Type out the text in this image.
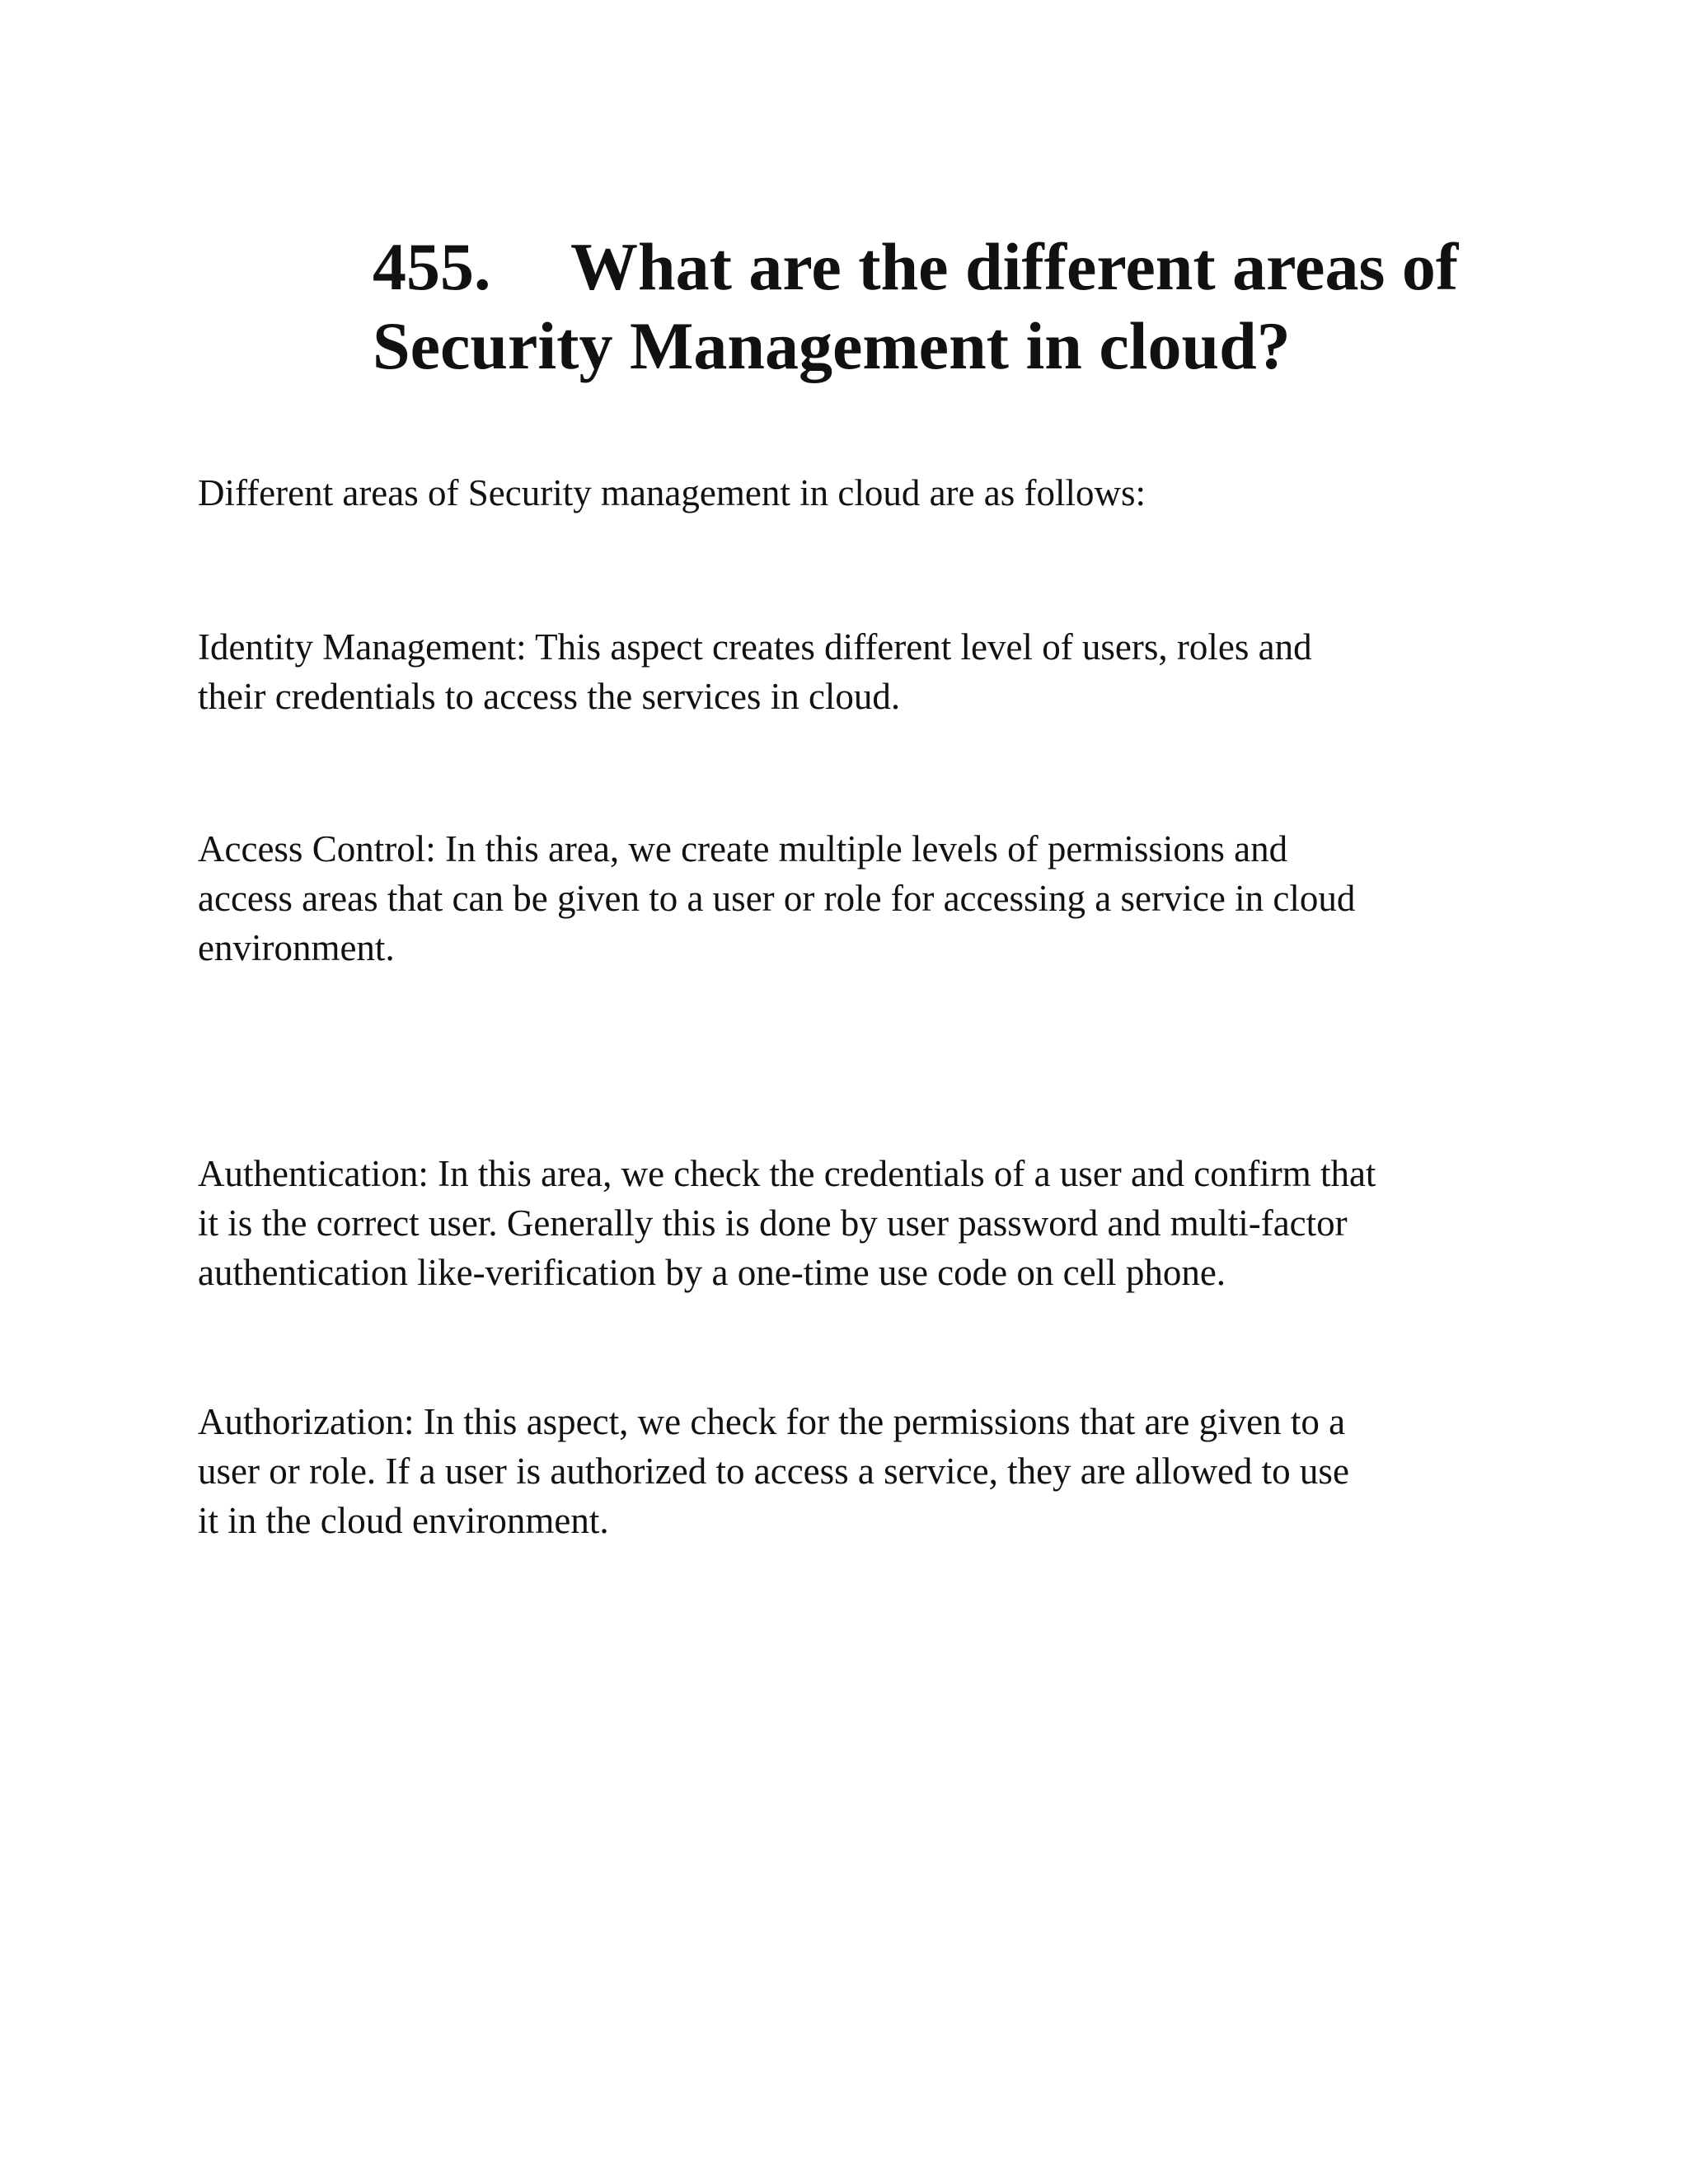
455. What are the different areas of
Security Management in cloud?

Different areas of Security management in cloud are as follows:

Identity Management: This aspect creates different level of users, roles and
their credentials to access the services in cloud.

Access Control: In this area, we create multiple levels of permissions and
access areas that can be given to a user or role for accessing a service in cloud
environment.

Authentication: In this area, we check the credentials of a user and confirm that
it is the correct user. Generally this is done by user password and multi-factor
authentication like-verification by a one-time use code on cell phone.

Authorization: In this aspect, we check for the permissions that are given to a
user or role. If a user is authorized to access a service, they are allowed to use
it in the cloud environment.
